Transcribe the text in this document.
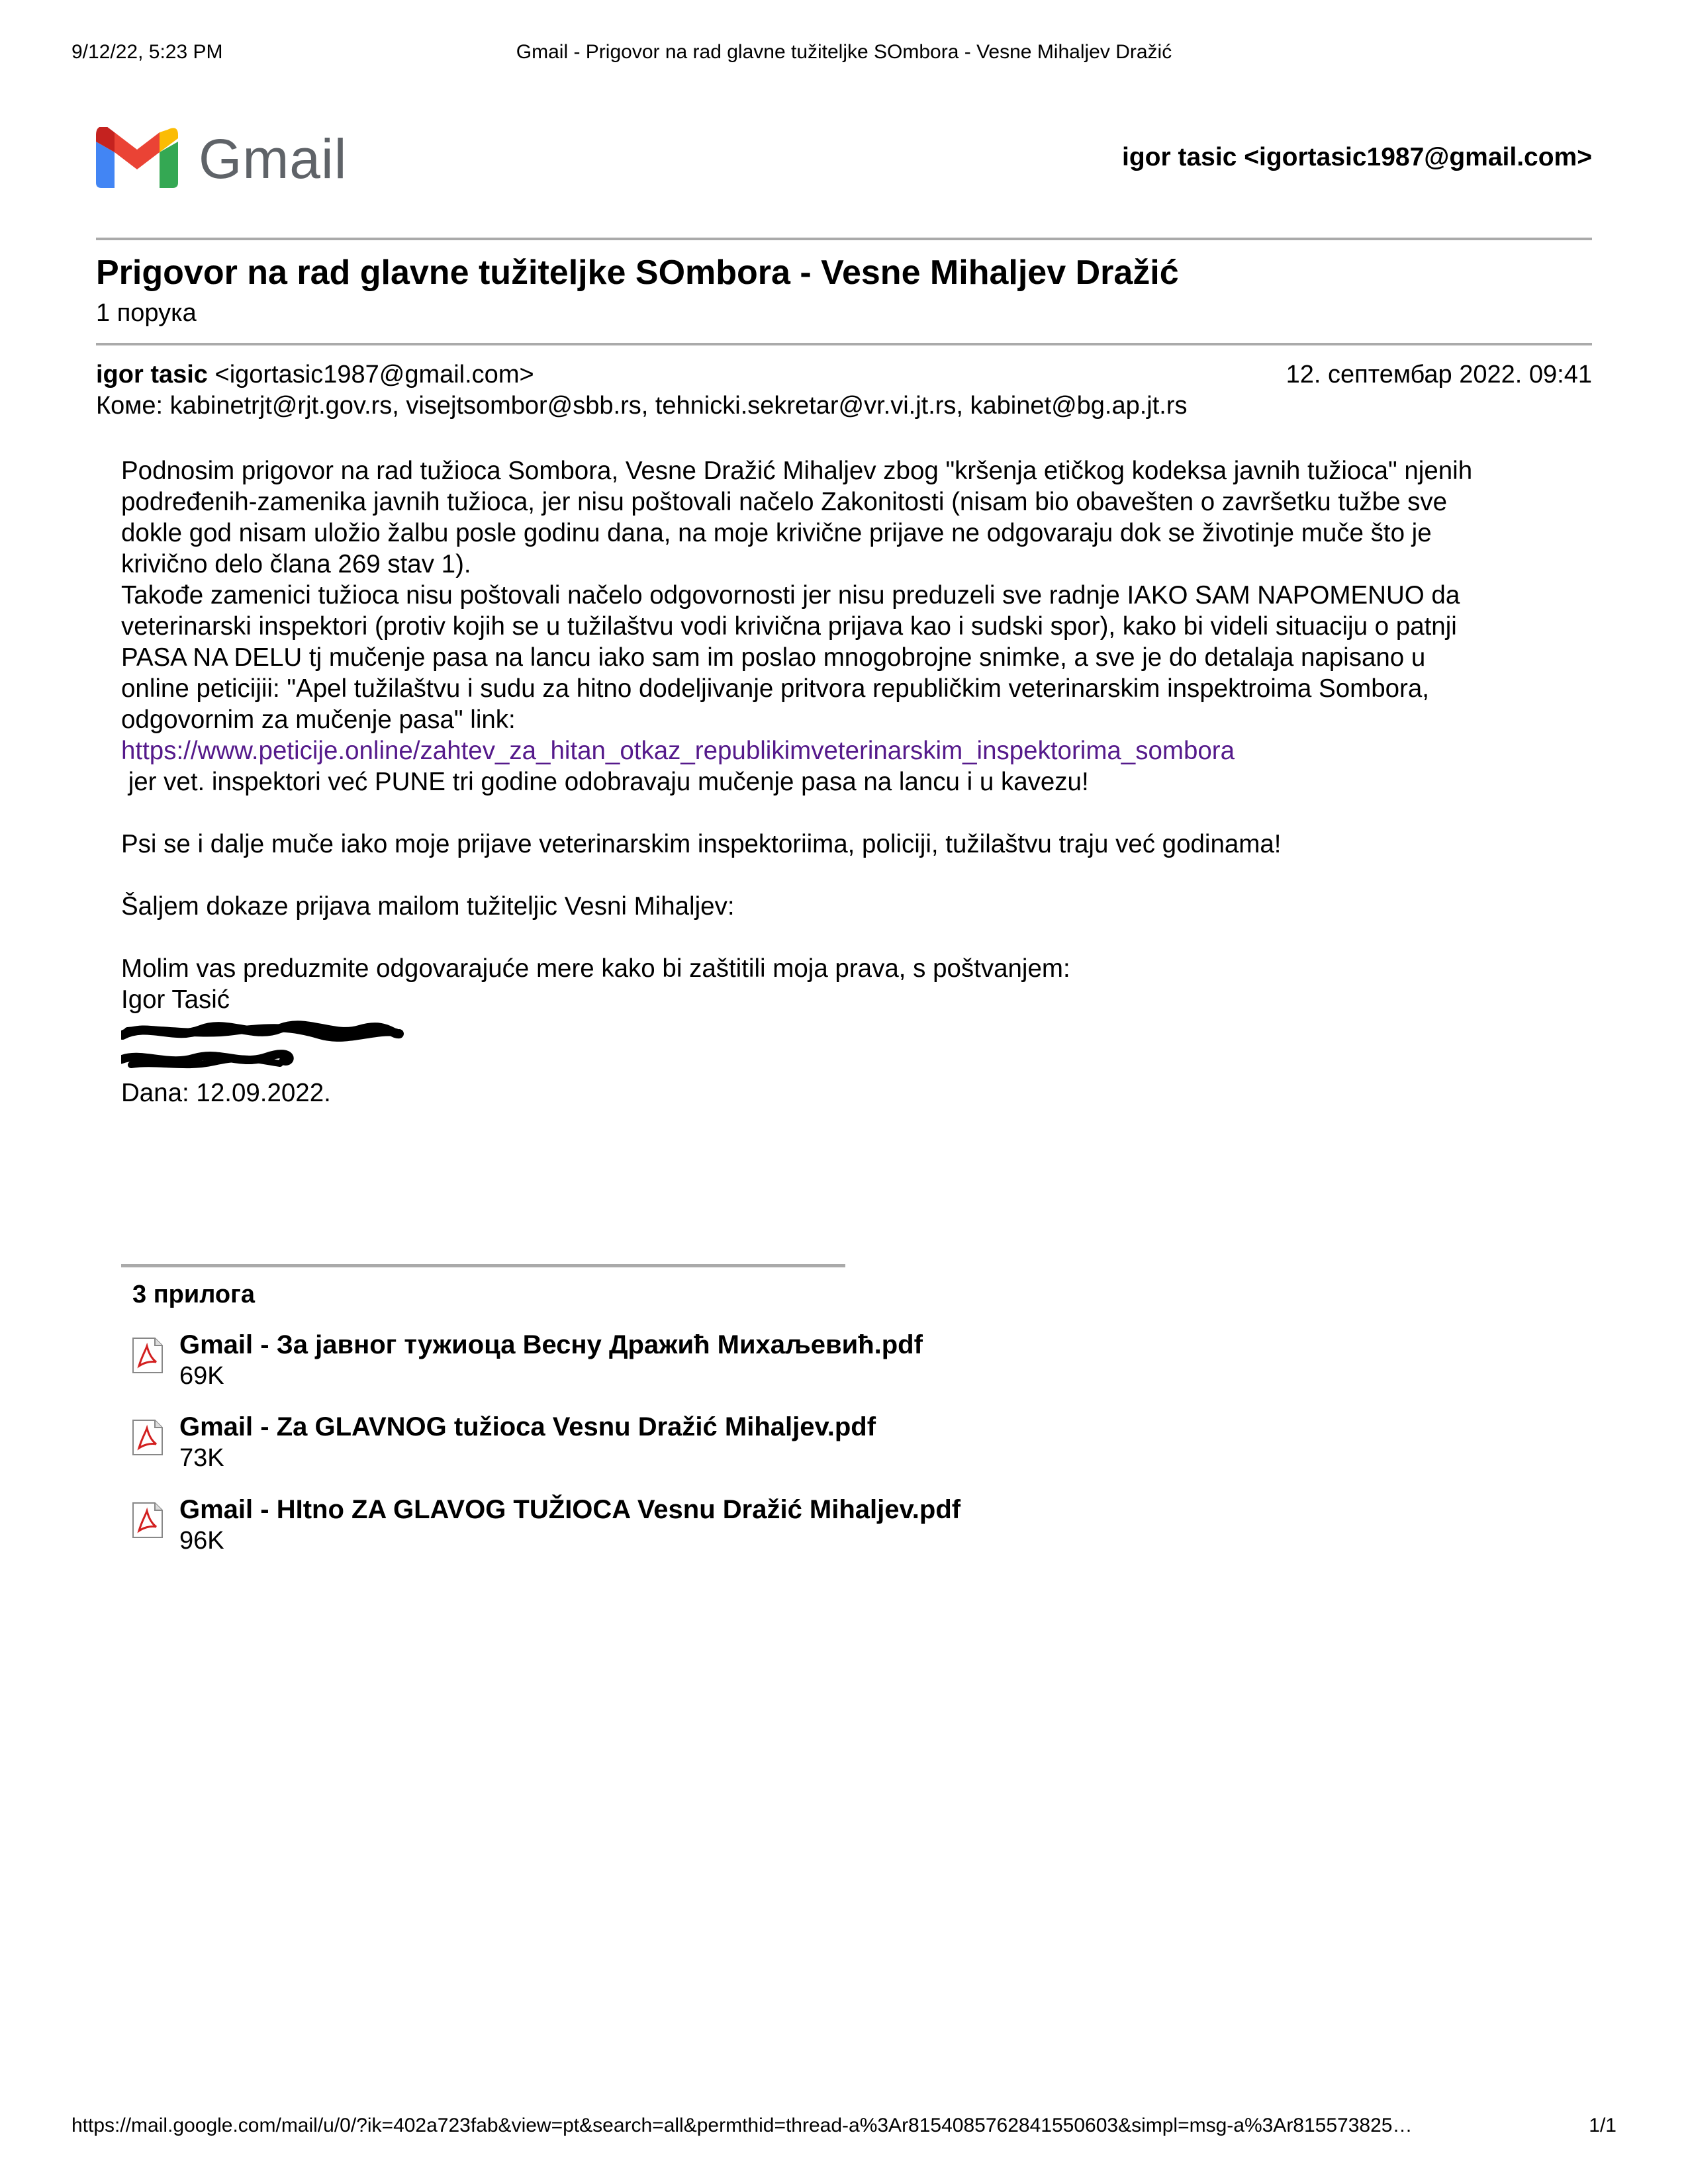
9/12/22, 5:23 PM	Gmail - Prigovor na rad glavne tužiteljke SOmbora - Vesne Mihaljev Dražić
Gmail	igor tasic <igortasic1987@gmail.com>
Prigovor na rad glavne tužiteljke SOmbora - Vesne Mihaljev Dražić
1 порука
igor tasic <igortasic1987@gmail.com>	12. септембар 2022. 09:41
Коме: kabinetrjt@rjt.gov.rs, visejtsombor@sbb.rs, tehnicki.sekretar@vr.vi.jt.rs, kabinet@bg.ap.jt.rs

Podnosim prigovor na rad tužioca Sombora, Vesne Dražić Mihaljev zbog "kršenja etičkog kodeksa javnih tužioca" njenih

podređenih-zamenika javnih tužioca, jer nisu poštovali načelo Zakonitosti (nisam bio obavešten o završetku tužbe sve

dokle god nisam uložio žalbu posle godinu dana, na moje krivične prijave ne odgovaraju dok se životinje muče što je

krivično delo člana 269 stav 1).

Takođe zamenici tužioca nisu poštovali načelo odgovornosti jer nisu preduzeli sve radnje IAKO SAM NAPOMENUO da

veterinarski inspektori (protiv kojih se u tužilaštvu vodi krivična prijava kao i sudski spor), kako bi videli situaciju o patnji

PASA NA DELU tj mučenje pasa na lancu iako sam im poslao mnogobrojne snimke, a sve je do detalaja napisano u

online peticijii: "Apel tužilaštvu i sudu za hitno dodeljivanje pritvora republičkim veterinarskim inspektroima Sombora,

odgovornim za mučenje pasa" link:

https://www.peticije.online/zahtev_za_hitan_otkaz_republikimveterinarskim_inspektorima_sombora

jer vet. inspektori već PUNE tri godine odobravaju mučenje pasa na lancu i u kavezu!

Psi se i dalje muče iako moje prijave veterinarskim inspektoriima, policiji, tužilaštvu traju već godinama!

Šaljem dokaze prijava mailom tužiteljic Vesni Mihaljev:

Molim vas preduzmite odgovarajuće mere kako bi zaštitili moja prava, s poštvanjem:

Igor Tasić

Dana: 12.09.2022.

3 прилога
Gmail - За јавног тужиоца Весну Дражић Михаљевић.pdf
69K
Gmail - Za GLAVNOG tužioca Vesnu Dražić Mihaljev.pdf
73K
Gmail - HItno ZA GLAVOG TUŽIOCA Vesnu Dražić Mihaljev.pdf
96K
https://mail.google.com/mail/u/0/?ik=402a723fab&view=pt&search=all&permthid=thread-a%3Ar8154085762841550603&simpl=msg-a%3Ar815573825…	1/1
